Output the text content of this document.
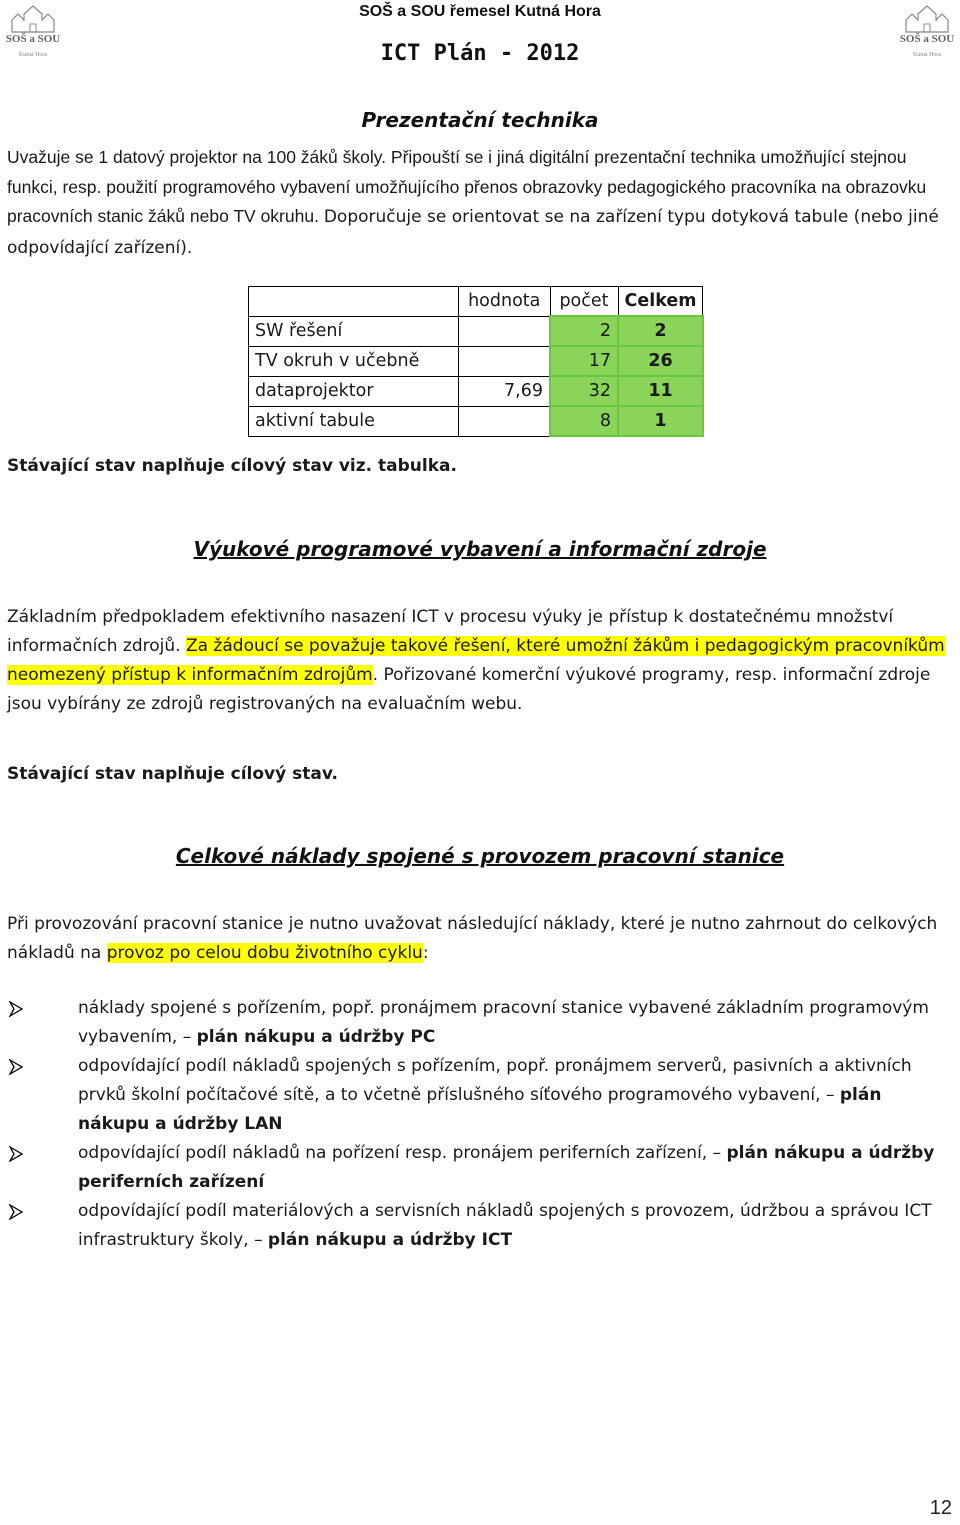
SOŠ a SOU
Kutná Hora
SOŠ a SOU
Kutná Hora
SOŠ a SOU řemesel Kutná Hora
ICT Plán - 2012
Prezentační technika

Uvažuje se 1 datový projektor na 100 žáků školy. Připouští se i jiná digitální prezentační technika umožňující stejnou funkci, resp. použití programového vybavení umožňujícího přenos obrazovky pedagogického pracovníka na obrazovku pracovních stanic žáků nebo TV okruhu. Doporučuje se orientovat se na zařízení typu dotyková tabule (nebo jiné odpovídající zařízení).

	hodnota	počet	Celkem
SW řešení		2	2
TV okruh v učebně		17	26
dataprojektor	7,69	32	11
aktivní tabule		8	1

Stávající stav naplňuje cílový stav viz. tabulka.

Výukové programové vybavení a informační zdroje

Základním předpokladem efektivního nasazení ICT v procesu výuky je přístup k dostatečnému množství informačních zdrojů. Za žádoucí se považuje takové řešení, které umožní žákům i pedagogickým pracovníkům neomezený přístup k informačním zdrojům. Pořizované komerční výukové programy, resp. informační zdroje jsou vybírány ze zdrojů registrovaných na evaluačním webu.

Stávající stav naplňuje cílový stav.

Celkové náklady spojené s provozem pracovní stanice

Při provozování pracovní stanice je nutno uvažovat následující náklady, které je nutno zahrnout do celkových nákladů na provoz po celou dobu životního cyklu:

náklady spojené s pořízením, popř. pronájmem pracovní stanice vybavené základním programovým vybavením, – plán nákupu a údržby PC
odpovídající podíl nákladů spojených s pořízením, popř. pronájmem serverů, pasivních a aktivních prvků školní počítačové sítě, a to včetně příslušného síťového programového vybavení, – plán nákupu a údržby LAN
odpovídající podíl nákladů na pořízení resp. pronájem periferních zařízení, – plán nákupu a údržby periferních zařízení
odpovídající podíl materiálových a servisních nákladů spojených s provozem, údržbou a správou ICT infrastruktury školy, – plán nákupu a údržby ICT
12
